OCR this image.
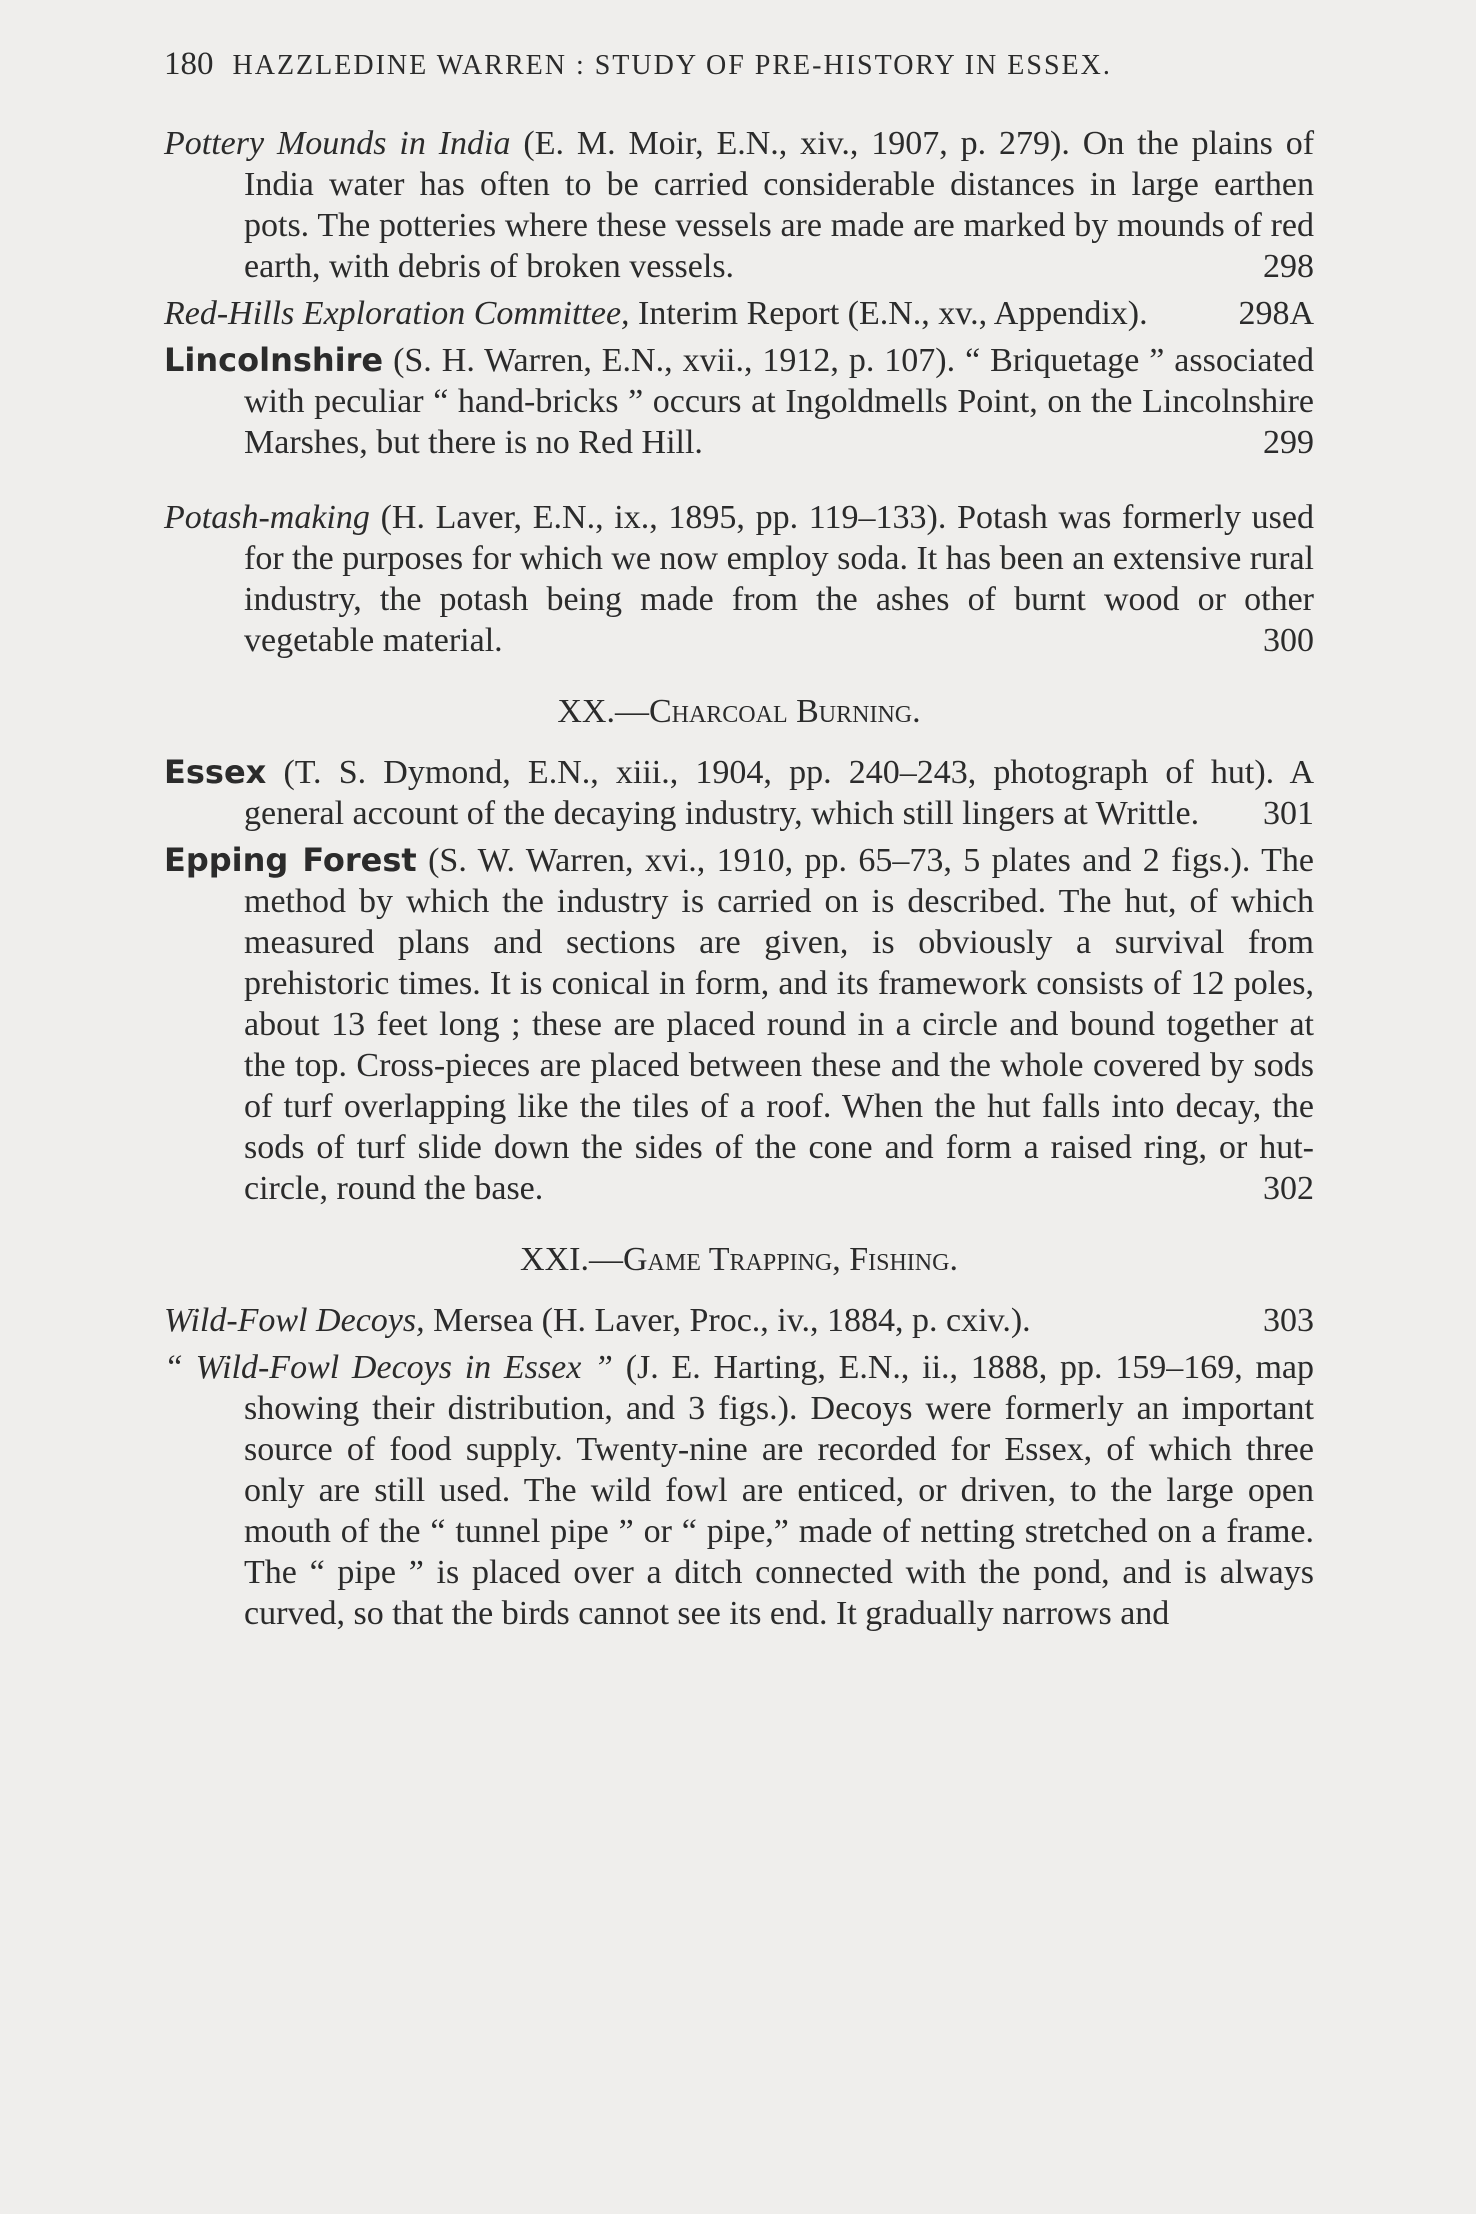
180 HAZZLEDINE WARREN : STUDY OF PRE-HISTORY IN ESSEX.
Pottery Mounds in India (E. M. Moir, E.N., xiv., 1907, p. 279). On the plains of India water has often to be carried considerable distances in large earthen pots. The potteries where these vessels are made are marked by mounds of red earth, with debris of broken vessels.	298
Red-Hills Exploration Committee, Interim Report (E.N., xv., Appendix).	298A
Lincolnshire (S. H. Warren, E.N., xvii., 1912, p. 107). “ Briquetage ” associated with peculiar “ hand-bricks ” occurs at Ingoldmells Point, on the Lincolnshire Marshes, but there is no Red Hill.	299
Potash-making (H. Laver, E.N., ix., 1895, pp. 119–133). Potash was formerly used for the purposes for which we now employ soda. It has been an extensive rural industry, the potash being made from the ashes of burnt wood or other vegetable material.	300
XX.—Charcoal Burning.
Essex (T. S. Dymond, E.N., xiii., 1904, pp. 240–243, photograph of hut). A general account of the decaying industry, which still lingers at Writtle. 301
Epping Forest (S. W. Warren, xvi., 1910, pp. 65–73, 5 plates and 2 figs.). The method by which the industry is carried on is described. The hut, of which measured plans and sections are given, is obviously a survival from prehistoric times. It is conical in form, and its framework consists of 12 poles, about 13 feet long ; these are placed round in a circle and bound together at the top. Cross-pieces are placed between these and the whole covered by sods of turf overlapping like the tiles of a roof. When the hut falls into decay, the sods of turf slide down the sides of the cone and form a raised ring, or hut-circle, round the base.	302
XXI.—Game Trapping, Fishing.
Wild-Fowl Decoys, Mersea (H. Laver, Proc., iv., 1884, p. cxiv.).	303
“ Wild-Fowl Decoys in Essex ” (J. E. Harting, E.N., ii., 1888, pp. 159–169, map showing their distribution, and 3 figs.). Decoys were formerly an important source of food supply. Twenty-nine are recorded for Essex, of which three only are still used. The wild fowl are enticed, or driven, to the large open mouth of the “ tunnel pipe ” or “ pipe,” made of netting stretched on a frame. The “ pipe ” is placed over a ditch connected with the pond, and is always curved, so that the birds cannot see its end. It gradually narrows and
